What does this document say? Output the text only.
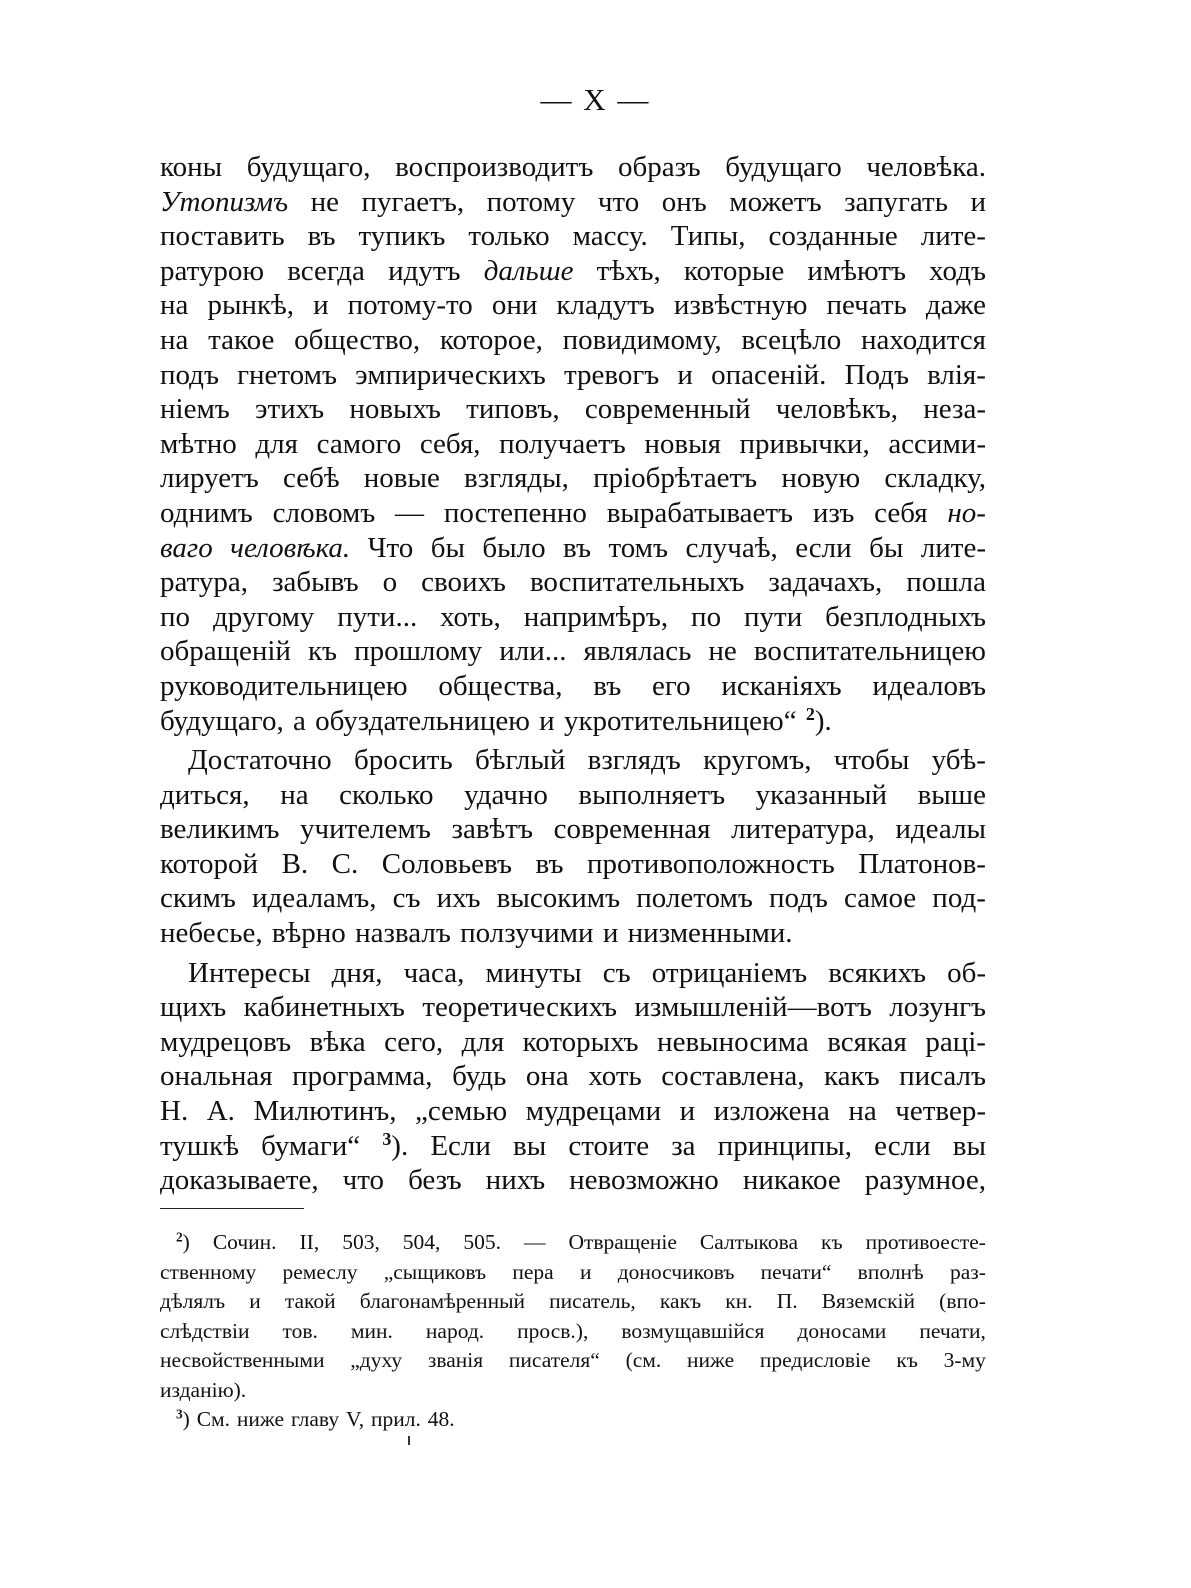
— X —
коны будущаго, воспроизводитъ образъ будущаго человѣка.
Утопизмъ не пугаетъ, потому что онъ можетъ запугать и
поставить въ тупикъ только массу. Типы, созданные лите-
ратурою всегда идутъ дальше тѣхъ, которые имѣютъ ходъ
на рынкѣ, и потому-то они кладутъ извѣстную печать даже
на такое общество, которое, повидимому, всецѣло находится
подъ гнетомъ эмпирическихъ тревогъ и опасеній. Подъ влія-
ніемъ этихъ новыхъ типовъ, современный человѣкъ, неза-
мѣтно для самого себя, получаетъ новыя привычки, ассими-
лируетъ себѣ новые взгляды, пріобрѣтаетъ новую складку,
однимъ словомъ — постепенно вырабатываетъ изъ себя но-
ваго человѣка. Что бы было въ томъ случаѣ, если бы лите-
ратура, забывъ о своихъ воспитательныхъ задачахъ, пошла
по другому пути... хоть, напримѣръ, по пути безплодныхъ
обращеній къ прошлому или... являлась не воспитательницею
руководительницею общества, въ его исканіяхъ идеаловъ
будущаго, а обуздательницею и укротительницею“ $^2$).
Достаточно бросить бѣглый взглядъ кругомъ, чтобы убѣ-
диться, на сколько удачно выполняетъ указанный выше
великимъ учителемъ завѣтъ современная литература, идеалы
которой В. С. Соловьевъ въ противоположность Платонов-
скимъ идеаламъ, съ ихъ высокимъ полетомъ подъ самое под-
небесье, вѣрно назвалъ ползучими и низменными.
Интересы дня, часа, минуты съ отрицаніемъ всякихъ об-
щихъ кабинетныхъ теоретическихъ измышленій—вотъ лозунгъ
мудрецовъ вѣка сего, для которыхъ невыносима всякая раці-
ональная программа, будь она хоть составлена, какъ писалъ
Н. А. Милютинъ, „семью мудрецами и изложена на четвер-
тушкѣ бумаги“ $^3$). Если вы стоите за принципы, если вы
доказываете, что безъ нихъ невозможно никакое разумное,
$^2$) Сочин. II, 503, 504, 505. — Отвращеніе Салтыкова къ противоесте-
ственному ремеслу „сыщиковъ пера и доносчиковъ печати“ вполнѣ раз-
дѣлялъ и такой благонамѣренный писатель, какъ кн. П. Вяземскій (впо-
слѣдствіи тов. мин. народ. просв.), возмущавшійся доносами печати,
несвойственными „духу званія писателя“ (см. ниже предисловіе къ 3-му
изданію).
$^3$) См. ниже главу V, прил. 48.
